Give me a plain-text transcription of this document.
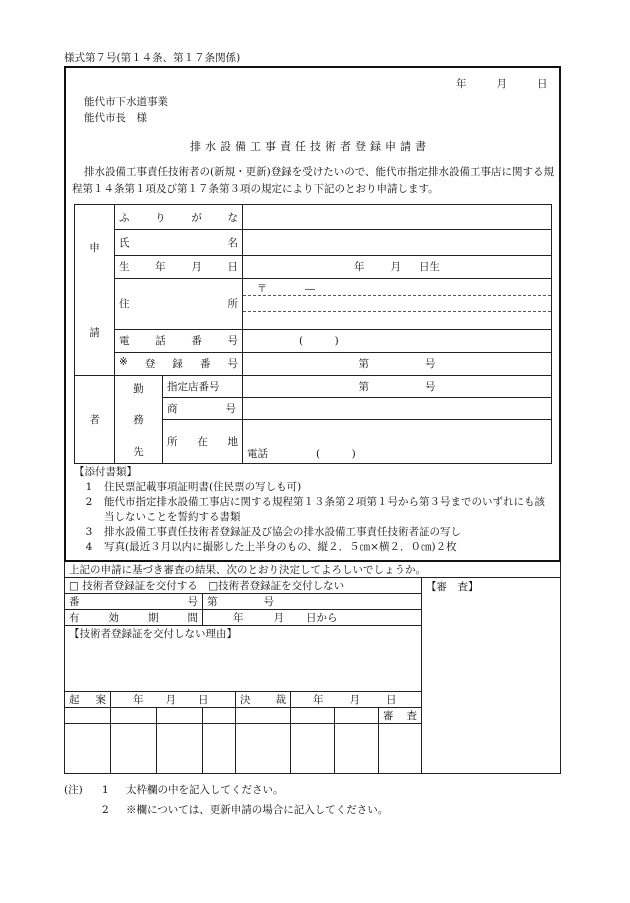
様式第７号(第１４条、第１７条関係)
年	月	日
能代市下水道事業
能代市長　様
排水設備工事責任技術者登録申請書
排水設備工事責任技術者の(新規・更新)登録を受けたいので、能代市指定排水設備工事店に関する規程第１４条第１項及び第１７条第３項の規定により下記のとおり申請します。
申
請	ふ り が な		

	氏 名		

	生 年 月 日		年 月 日生

	住 所		〒 ―

	電 話 番 号		(　　　)

	※ 登 録 番 号		第 号
者	勤
務
先	指定店番号	第 号

		商 号	

		所 在 地	電話 (　　　)
【添付書類】
1	住民票記載事項証明書(住民票の写しも可)
2	能代市指定排水設備工事店に関する規程第１３条第２項第１号から第３号までのいずれにも該当しないことを誓約する書類
3	排水設備工事責任技術者登録証及び協会の排水設備工事責任技術者証の写し
4	写真(最近３月以内に撮影した上半身のもの、縦２．５㎝×横２．０㎝)２枚
上記の申請に基づき審査の結果、次のとおり決定してよろしいでしょうか。								
□ 技術者登録証を交付する　□技術者登録証を交付しない								【審　査】

番 号			第 号					

有 効 期 間			年 月 日から					
【技術者登録証を交付しない理由】								

起 案	年 月 日			決 裁	年 月 日			

							審 査	

(注)	1	太枠欄の中を記入してください。
2	※欄については、更新申請の場合に記入してください。
